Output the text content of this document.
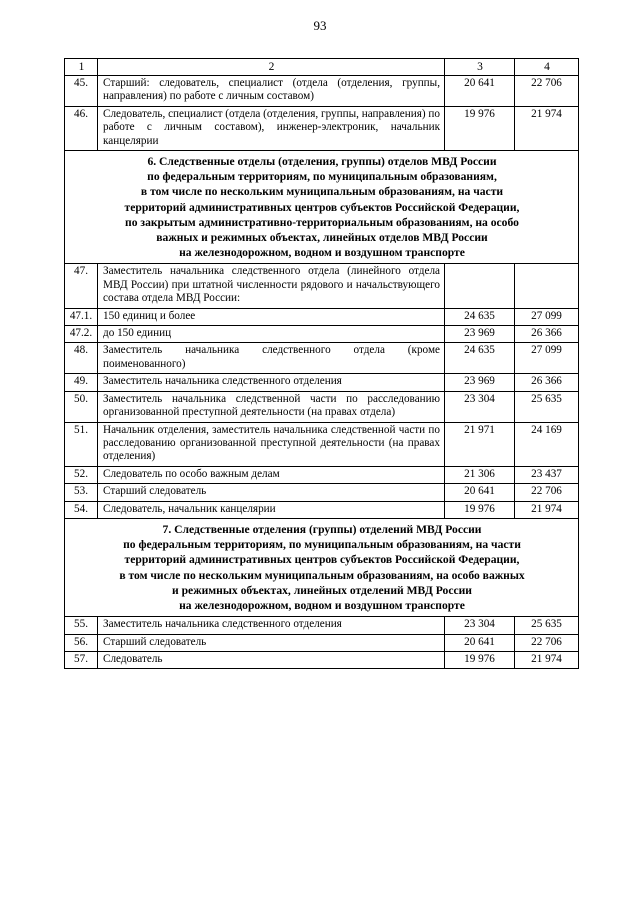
93
1	2	3	4
45.	Старший: следователь, специалист (отдела (отделения, группы, направления) по работе с личным составом)	20 641	22 706
46.	Следователь, специалист (отдела (отделения, группы, направления) по работе с личным составом), инженер-электроник, начальник канцелярии	19 976	21 974

6. Следственные отделы (отделения, группы) отделов МВД России
по федеральным территориям, по муниципальным образованиям,
в том числе по нескольким муниципальным образованиям, на части
территорий административных центров субъектов Российской Федерации,
по закрытым административно-территориальным образованиям, на особо
важных и режимных объектах, линейных отделов МВД России
на железнодорожном, водном и воздушном транспорте

47.	Заместитель начальника следственного отдела (линейного отдела МВД России) при штатной численности рядового и начальствующего состава отдела МВД России:		
47.1.	150 единиц и более	24 635	27 099
47.2.	до 150 единиц	23 969	26 366
48.	Заместитель начальника следственного отдела (кроме поименованного)	24 635	27 099
49.	Заместитель начальника следственного отделения	23 969	26 366
50.	Заместитель начальника следственной части по расследованию организованной преступной деятельности (на правах отдела)	23 304	25 635
51.	Начальник отделения, заместитель начальника следственной части по расследованию организованной преступной деятельности (на правах отделения)	21 971	24 169
52.	Следователь по особо важным делам	21 306	23 437
53.	Старший следователь	20 641	22 706
54.	Следователь, начальник канцелярии	19 976	21 974

7. Следственные отделения (группы) отделений МВД России
по федеральным территориям, по муниципальным образованиям, на части
территорий административных центров субъектов Российской Федерации,
в том числе по нескольким муниципальным образованиям, на особо важных
и режимных объектах, линейных отделений МВД России
на железнодорожном, водном и воздушном транспорте

55.	Заместитель начальника следственного отделения	23 304	25 635
56.	Старший следователь	20 641	22 706
57.	Следователь	19 976	21 974
